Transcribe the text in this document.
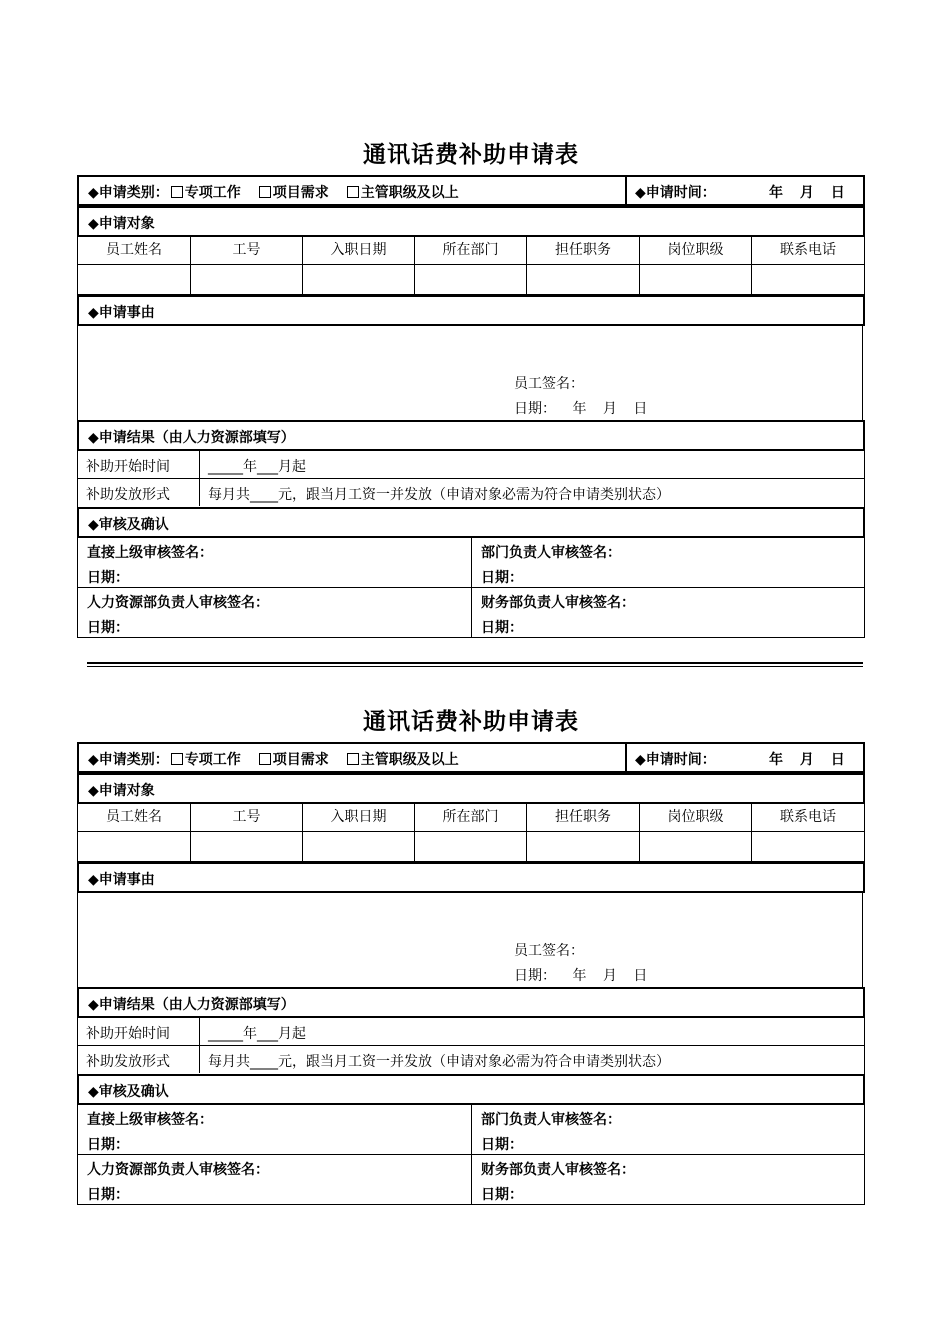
通讯话费补助申请表
◆申请类别： 专项工作 项目需求 主管职级及以上	◆申请时间：	年 月 日
◆申请对象
员工姓名	工号	入职日期	所在部门	担任职务	岗位职级	联系电话
◆申请事由
员工签名：
日期： 年 月 日
◆申请结果（由人力资源部填写）
补助开始时间	_____年___月起
补助发放形式	每月共____元，跟当月工资一并发放（申请对象必需为符合申请类别状态）
◆审核及确认
直接上级审核签名：
日期：
部门负责人审核签名：
日期：
人力资源部负责人审核签名：
日期：
财务部负责人审核签名：
日期：
通讯话费补助申请表
◆申请类别： 专项工作 项目需求 主管职级及以上	◆申请时间：	年 月 日
◆申请对象
员工姓名	工号	入职日期	所在部门	担任职务	岗位职级	联系电话
◆申请事由
员工签名：
日期： 年 月 日
◆申请结果（由人力资源部填写）
补助开始时间	_____年___月起
补助发放形式	每月共____元，跟当月工资一并发放（申请对象必需为符合申请类别状态）
◆审核及确认
直接上级审核签名：
日期：
部门负责人审核签名：
日期：
人力资源部负责人审核签名：
日期：
财务部负责人审核签名：
日期：
